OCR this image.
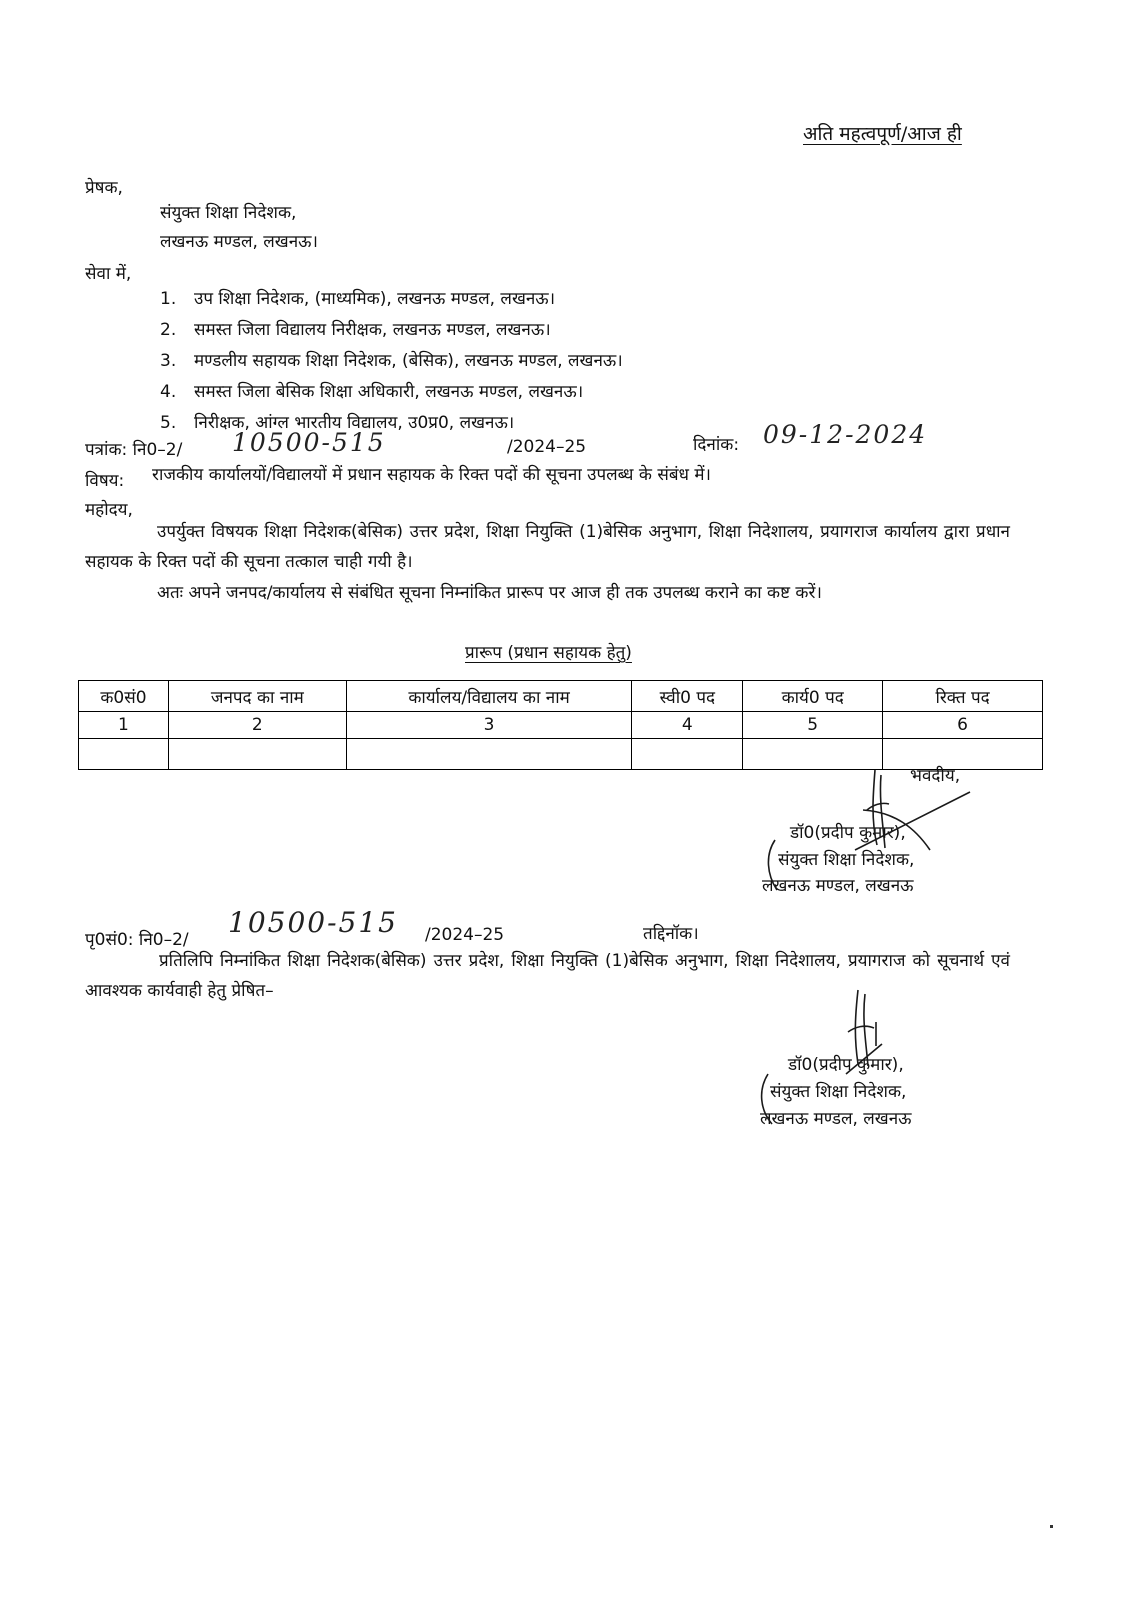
अति महत्वपूर्ण/आज ही
प्रेषक,
संयुक्त शिक्षा निदेशक,
लखनऊ मण्डल, लखनऊ।
सेवा में,
1. उप शिक्षा निदेशक, (माध्यमिक), लखनऊ मण्डल, लखनऊ।
2. समस्त जिला विद्यालय निरीक्षक, लखनऊ मण्डल, लखनऊ।
3. मण्डलीय सहायक शिक्षा निदेशक, (बेसिक), लखनऊ मण्डल, लखनऊ।
4. समस्त जिला बेसिक शिक्षा अधिकारी, लखनऊ मण्डल, लखनऊ।
5. निरीक्षक, आंग्ल भारतीय विद्यालय, उ0प्र0, लखनऊ।
पत्रांक: नि0–2/ 10500-515	/2024–25	दिनांक: 09-12-2024
विषय: राजकीय कार्यालयों/विद्यालयों में प्रधान सहायक के रिक्त पदों की सूचना उपलब्ध के संबंध में।
महोदय,
उपर्युक्त विषयक शिक्षा निदेशक(बेसिक) उत्तर प्रदेश, शिक्षा नियुक्ति (1)बेसिक अनुभाग, शिक्षा निदेशालय, प्रयागराज कार्यालय द्वारा प्रधान सहायक के रिक्त पदों की सूचना तत्काल चाही गयी है।
अतः अपने जनपद/कार्यालय से संबंधित सूचना निम्नांकित प्रारूप पर आज ही तक उपलब्ध कराने का कष्ट करें।
प्रारूप (प्रधान सहायक हेतु)
क0सं0	जनपद का नाम	कार्यालय/विद्यालय का नाम	स्वी0 पद	कार्य0 पद	रिक्त पद
1	2	3	4	5	6

भवदीय,
डॉ0(प्रदीप कुमार),
संयुक्त शिक्षा निदेशक,
लखनऊ मण्डल, लखनऊ
पृ0सं0: नि0–2/
10500-515 /2024–25	तद्दिनॉक।
प्रतिलिपि निम्नांकित शिक्षा निदेशक(बेसिक) उत्तर प्रदेश, शिक्षा नियुक्ति (1)बेसिक अनुभाग, शिक्षा निदेशालय, प्रयागराज को सूचनार्थ एवं आवश्यक कार्यवाही हेतु प्रेषित–
डॉ0(प्रदीप कुमार),
संयुक्त शिक्षा निदेशक,
लखनऊ मण्डल, लखनऊ
